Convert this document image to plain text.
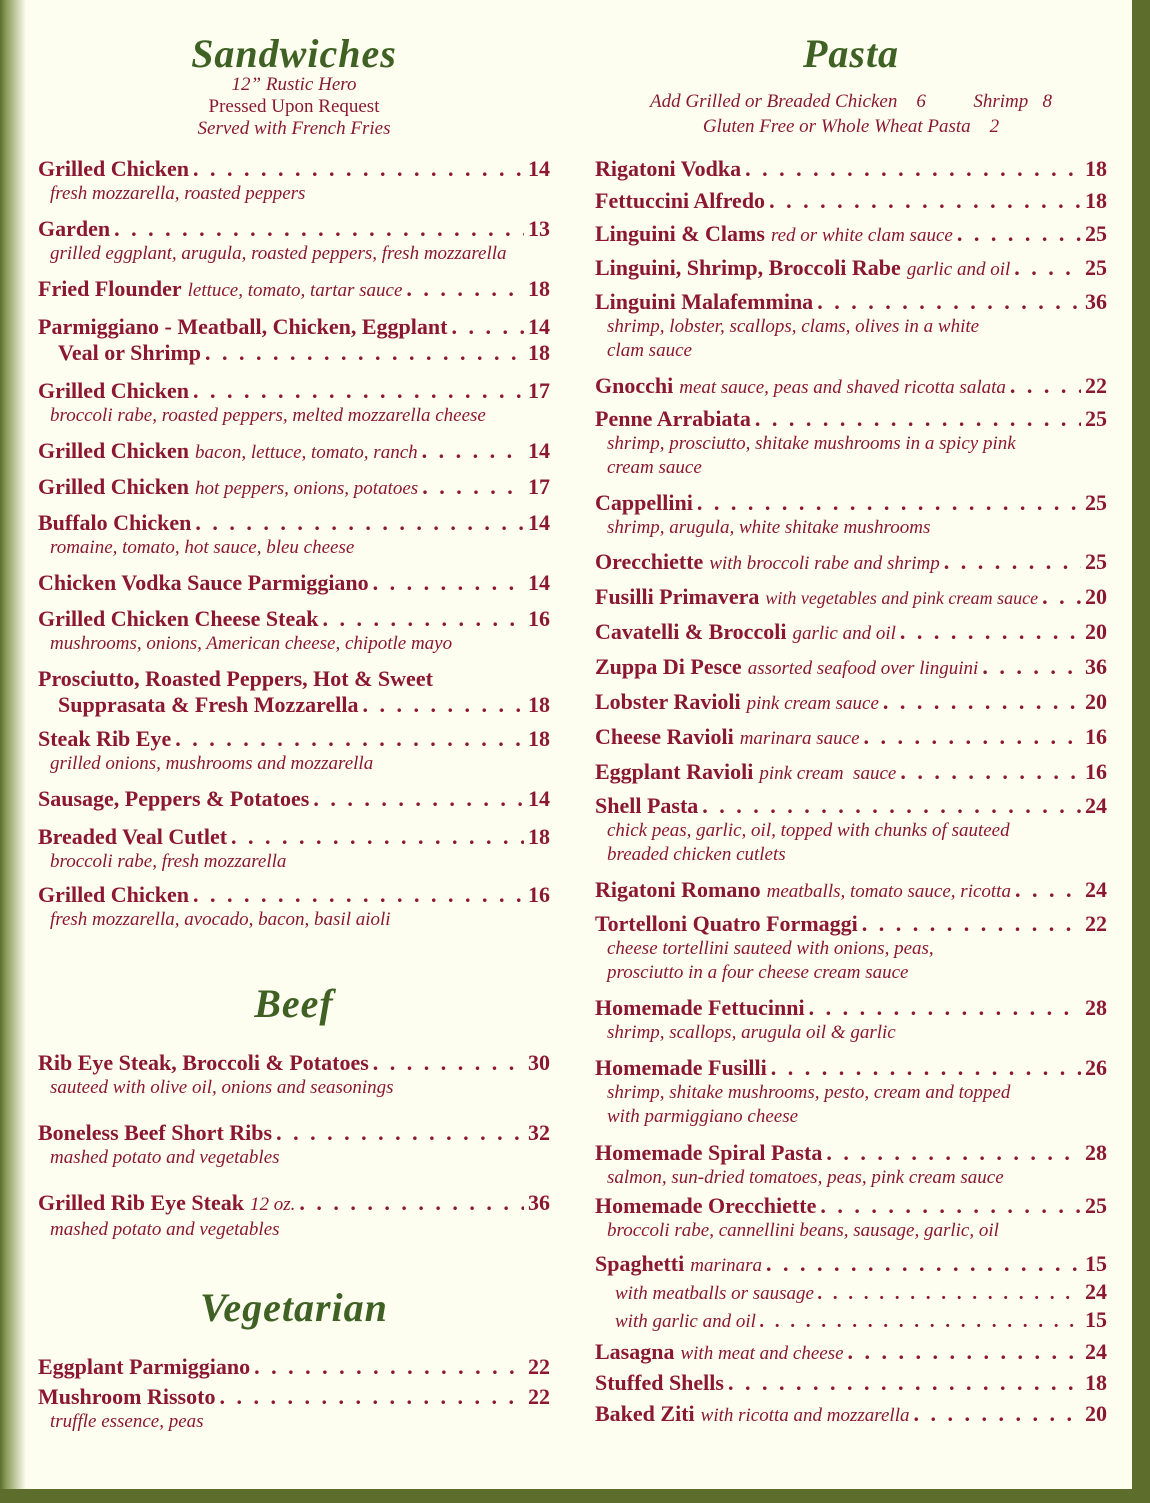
Sandwiches
12” Rustic Hero
Pressed Upon Request
Served with French Fries
Grilled Chicken . . .	14
fresh mozzarella, roasted peppers
Garden . . .	13
grilled eggplant, arugula, roasted peppers, fresh mozzarella
Fried Flounder lettuce, tomato, tartar sauce . . .	18
Parmiggiano - Meatball, Chicken, Eggplant . . .	14
Veal or Shrimp . . .	18
Grilled Chicken . . .	17
broccoli rabe, roasted peppers, melted mozzarella cheese
Grilled Chicken bacon, lettuce, tomato, ranch . . .	14
Grilled Chicken hot peppers, onions, potatoes . . .	17
Buffalo Chicken . . .	14
romaine, tomato, hot sauce, bleu cheese
Chicken Vodka Sauce Parmiggiano . . .	14
Grilled Chicken Cheese Steak . . .	16
mushrooms, onions, American cheese, chipotle mayo
Prosciutto, Roasted Peppers, Hot & Sweet
Supprasata & Fresh Mozzarella . . .	18
Steak Rib Eye . . .	18
grilled onions, mushrooms and mozzarella
Sausage, Peppers & Potatoes . . .	14
Breaded Veal Cutlet . . .	18
broccoli rabe, fresh mozzarella
Grilled Chicken . . .	16
fresh mozzarella, avocado, bacon, basil aioli
Beef
Rib Eye Steak, Broccoli & Potatoes . . .	30
sauteed with olive oil, onions and seasonings
Boneless Beef Short Ribs . . .	32
mashed potato and vegetables
Grilled Rib Eye Steak 12 oz. . . .	36
mashed potato and vegetables
Vegetarian
Eggplant Parmiggiano . . .	22
Mushroom Rissoto . . .	22
truffle essence, peas
Pasta
Add Grilled or Breaded Chicken    6          Shrimp   8
Gluten Free or Whole Wheat Pasta    2
Rigatoni Vodka . . .	18
Fettuccini Alfredo . . .	18
Linguini & Clams red or white clam sauce . . .	25
Linguini, Shrimp, Broccoli Rabe garlic and oil . . .	25
Linguini Malafemmina . . .	36
shrimp, lobster, scallops, clams, olives in a white
clam sauce
Gnocchi meat sauce, peas and shaved ricotta salata . . .	22
Penne Arrabiata . . .	25
shrimp, prosciutto, shitake mushrooms in a spicy pink
cream sauce
Cappellini . . .	25
shrimp, arugula, white shitake mushrooms
Orecchiette with broccoli rabe and shrimp . . .	25
Fusilli Primavera with vegetables and pink cream sauce . . . 20
Cavatelli & Broccoli garlic and oil . . .	20
Zuppa Di Pesce assorted seafood over linguini . . .	36
Lobster Ravioli pink cream sauce . . .	20
Cheese Ravioli marinara sauce . . .	16
Eggplant Ravioli pink cream  sauce . . .	16
Shell Pasta . . .	24
chick peas, garlic, oil, topped with chunks of sauteed
breaded chicken cutlets
Rigatoni Romano meatballs, tomato sauce, ricotta . . .	24
Tortelloni Quatro Formaggi . . .	22
cheese tortellini sauteed with onions, peas,
prosciutto in a four cheese cream sauce
Homemade Fettucinni . . .	28
shrimp, scallops, arugula oil & garlic
Homemade Fusilli . . .	26
shrimp, shitake mushrooms, pesto, cream and topped
with parmiggiano cheese
Homemade Spiral Pasta . . .	28
salmon, sun-dried tomatoes, peas, pink cream sauce
Homemade Orecchiette . . .	25
broccoli rabe, cannellini beans, sausage, garlic, oil
Spaghetti marinara . . .	15
with meatballs or sausage . . .	24
with garlic and oil . . .	15
Lasagna with meat and cheese . . .	24
Stuffed Shells . . .	18
Baked Ziti with ricotta and mozzarella . . .	20
